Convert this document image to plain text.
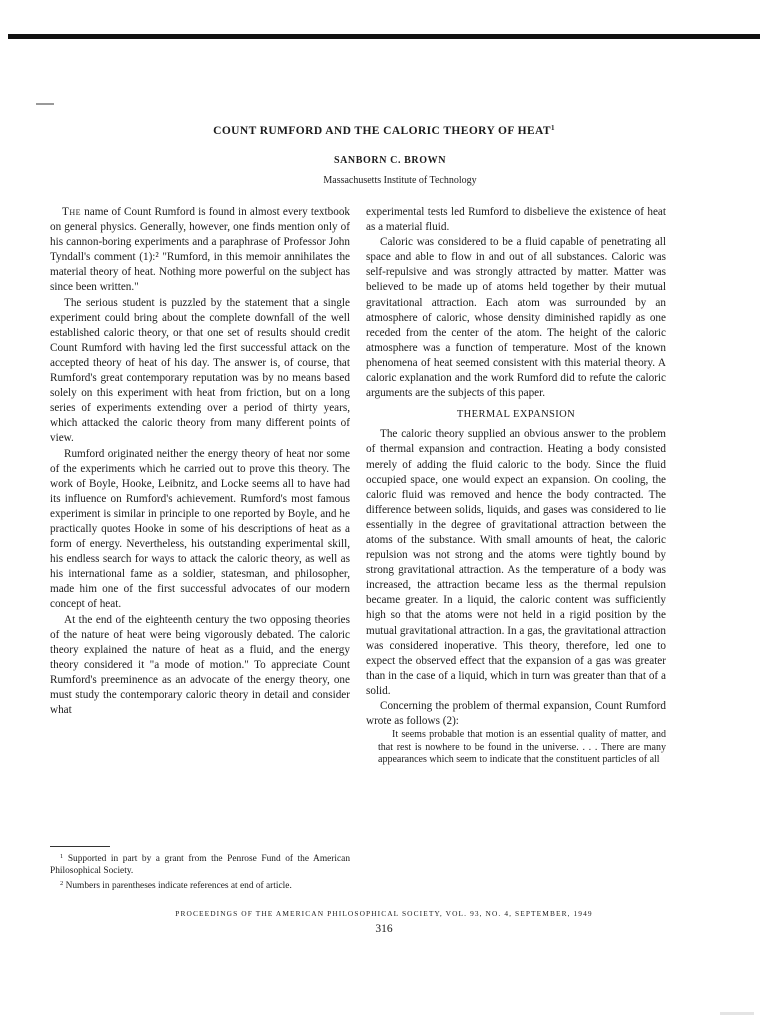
COUNT RUMFORD AND THE CALORIC THEORY OF HEAT$^1$
SANBORN C. BROWN
Massachusetts Institute of Technology

The name of Count Rumford is found in almost every textbook on general physics. Generally, however, one finds mention only of his cannon-boring experiments and a paraphrase of Professor John Tyndall's comment (1):² "Rumford, in this memoir annihilates the material theory of heat. Nothing more powerful on the subject has since been written."

The serious student is puzzled by the statement that a single experiment could bring about the complete downfall of the well established caloric theory, or that one set of results should credit Count Rumford with having led the first successful attack on the accepted theory of heat of his day. The answer is, of course, that Rumford's great contemporary reputation was by no means based solely on this experiment with heat from friction, but on a long series of experiments extending over a period of thirty years, which attacked the caloric theory from many different points of view.

Rumford originated neither the energy theory of heat nor some of the experiments which he carried out to prove this theory. The work of Boyle, Hooke, Leibnitz, and Locke seems all to have had its influence on Rumford's achievement. Rumford's most famous experiment is similar in principle to one reported by Boyle, and he practically quotes Hooke in some of his descriptions of heat as a form of energy. Nevertheless, his outstanding experimental skill, his endless search for ways to attack the caloric theory, as well as his international fame as a soldier, statesman, and philosopher, made him one of the first successful advocates of our modern concept of heat.

At the end of the eighteenth century the two opposing theories of the nature of heat were being vigorously debated. The caloric theory explained the nature of heat as a fluid, and the energy theory considered it "a mode of motion." To appreciate Count Rumford's preeminence as an advocate of the energy theory, one must study the contemporary caloric theory in detail and consider what

$^1$ Supported in part by a grant from the Penrose Fund of the American Philosophical Society.

$^2$ Numbers in parentheses indicate references at end of article.

experimental tests led Rumford to disbelieve the existence of heat as a material fluid.

Caloric was considered to be a fluid capable of penetrating all space and able to flow in and out of all substances. Caloric was self-repulsive and was strongly attracted by matter. Matter was believed to be made up of atoms held together by their mutual gravitational attraction. Each atom was surrounded by an atmosphere of caloric, whose density diminished rapidly as one receded from the center of the atom. The height of the caloric atmosphere was a function of temperature. Most of the known phenomena of heat seemed consistent with this material theory. A caloric explanation and the work Rumford did to refute the caloric arguments are the subjects of this paper.

THERMAL EXPANSION

The caloric theory supplied an obvious answer to the problem of thermal expansion and contraction. Heating a body consisted merely of adding the fluid caloric to the body. Since the fluid occupied space, one would expect an expansion. On cooling, the caloric fluid was removed and hence the body contracted. The difference between solids, liquids, and gases was considered to lie essentially in the degree of gravitational attraction between the atoms of the substance. With small amounts of heat, the caloric repulsion was not strong and the atoms were tightly bound by strong gravitational attraction. As the temperature of a body was increased, the attraction became less as the thermal repulsion became greater. In a liquid, the caloric content was sufficiently high so that the atoms were not held in a rigid position by the mutual gravitational attraction. In a gas, the gravitational attraction was considered inoperative. This theory, therefore, led one to expect the observed effect that the expansion of a gas was greater than in the case of a liquid, which in turn was greater than that of a solid.

Concerning the problem of thermal expansion, Count Rumford wrote as follows (2):

It seems probable that motion is an essential quality of matter, and that rest is nowhere to be found in the universe. . . . There are many appearances which seem to indicate that the constituent particles of all

PROCEEDINGS OF THE AMERICAN PHILOSOPHICAL SOCIETY, VOL. 93, NO. 4, SEPTEMBER, 1949
316
